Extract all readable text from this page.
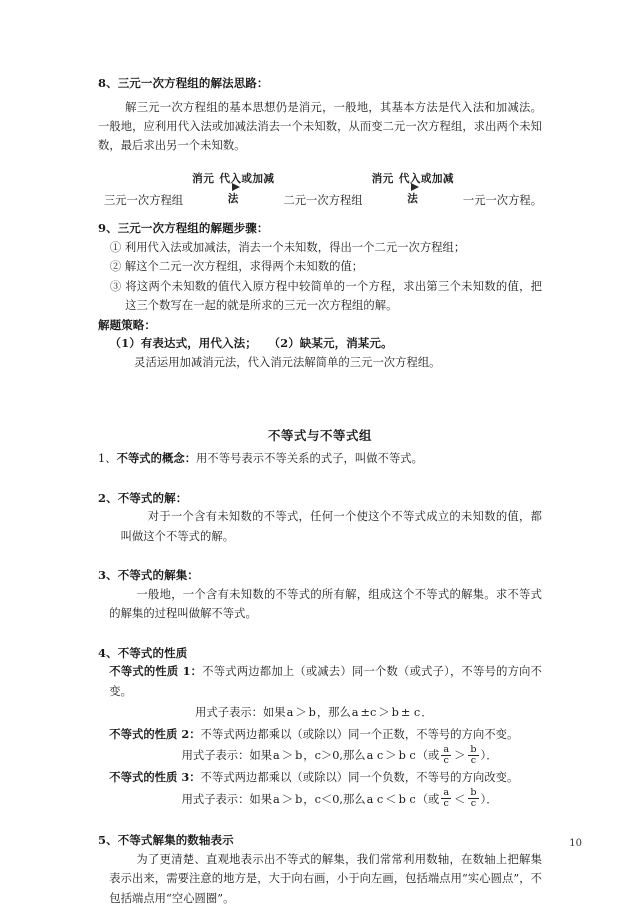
8、三元一次方程组的解法思路：

解三元一次方程组的基本思想仍是消元，一般地，其基本方法是代入法和加减法。一般地，应利用代入法或加减法消去一个未知数，从而变二元一次方程组，求出两个未知数，最后求出另一个未知数。

三元一次方程组
消元 代入或加减法	二元一次方程组
消元 代入或加减法	一元一次方程。

9、三元一次方程组的解题步骤：

① 利用代入法或加减法，消去一个未知数，得出一个二元一次方程组；

② 解这个二元一次方程组，求得两个未知数的值；

③ 将这两个未知数的值代入原方程中较简单的一个方程，求出第三个未知数的值，把这三个数写在一起的就是所求的三元一次方程组的解。

解题策略：

（1）有表达式，用代入法；　　（2）缺某元，消某元。

灵活运用加减消元法，代入消元法解简单的三元一次方程组。

不等式与不等式组

1、不等式的概念：用不等号表示不等关系的式子，叫做不等式。

2、不等式的解：

对于一个含有未知数的不等式，任何一个使这个不等式成立的未知数的值，都叫做这个不等式的解。

3、不等式的解集：

一般地，一个含有未知数的不等式的所有解，组成这个不等式的解集。求不等式的解集的过程叫做解不等式。

4、不等式的性质

不等式的性质 1：不等式两边都加上（或减去）同一个数（或式子），不等号的方向不变。

用式子表示：如果a ＞ b，那么a ±c ＞ b ± c．

不等式的性质 2：不等式两边都乘以（或除以）同一个正数，不等号的方向不变。

用式子表示：如果a ＞ b，c＞0,那么a c ＞ b c（或 $\frac{a}{c} > \frac{b}{c}$ ）．

不等式的性质 3：不等式两边都乘以（或除以）同一个负数，不等号的方向改变。

用式子表示：如果a ＞ b，c＜0,那么a c ＜ b c（或 $\frac{a}{c} < \frac{b}{c}$ ）．

5、不等式解集的数轴表示

为了更清楚、直观地表示出不等式的解集，我们常常利用数轴，在数轴上把解集表示出来，需要注意的地方是，大于向右画，小于向左画，包括端点用“实心圆点”，不包括端点用“空心圆圈”。

10
